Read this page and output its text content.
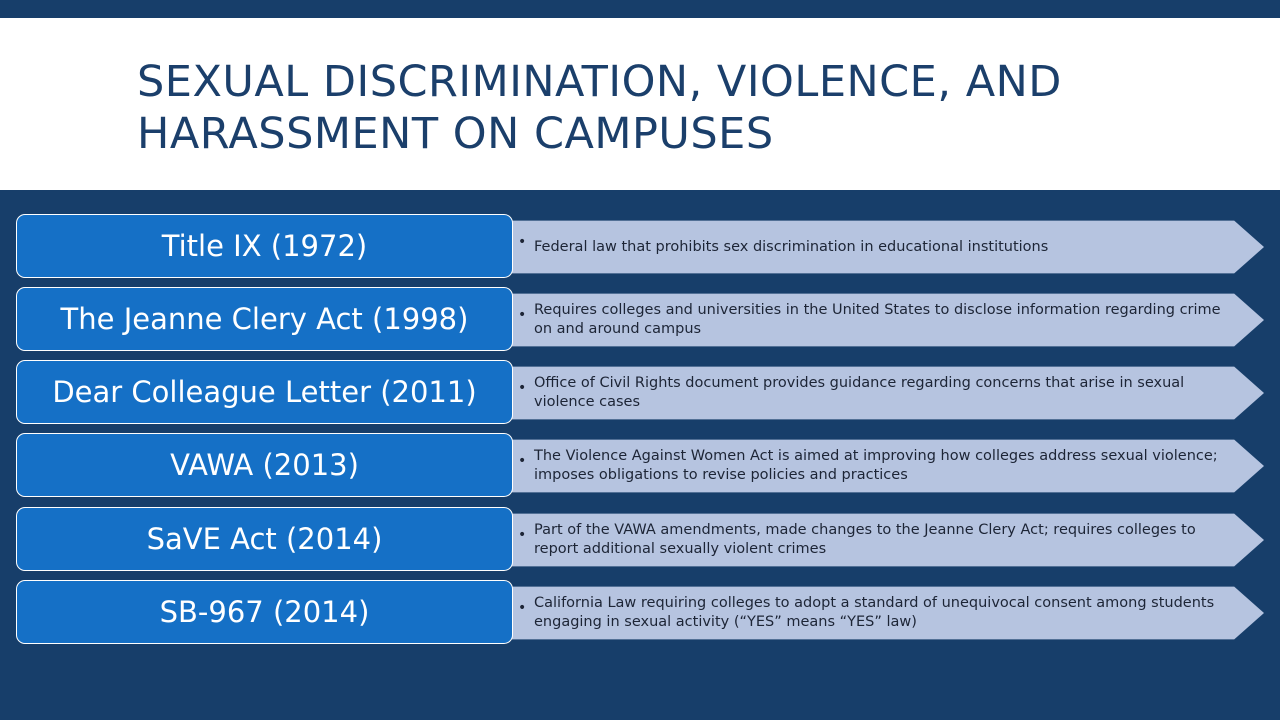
SEXUAL DISCRIMINATION, VIOLENCE, AND HARASSMENT ON CAMPUSES
• Federal law that prohibits sex discrimination in educational institutions
Title IX (1972)
• Requires colleges and universities in the United States to disclose information regarding crime on and around campus
The Jeanne Clery Act (1998)
• Office of Civil Rights document provides guidance regarding concerns that arise in sexual violence cases
Dear Colleague Letter (2011)
• The Violence Against Women Act is aimed at improving how colleges address sexual violence; imposes obligations to revise policies and practices
VAWA (2013)
• Part of the VAWA amendments, made changes to the Jeanne Clery Act; requires colleges to report additional sexually violent crimes
SaVE Act (2014)
• California Law requiring colleges to adopt a standard of unequivocal consent among students engaging in sexual activity (“YES” means “YES” law)
SB-967 (2014)
